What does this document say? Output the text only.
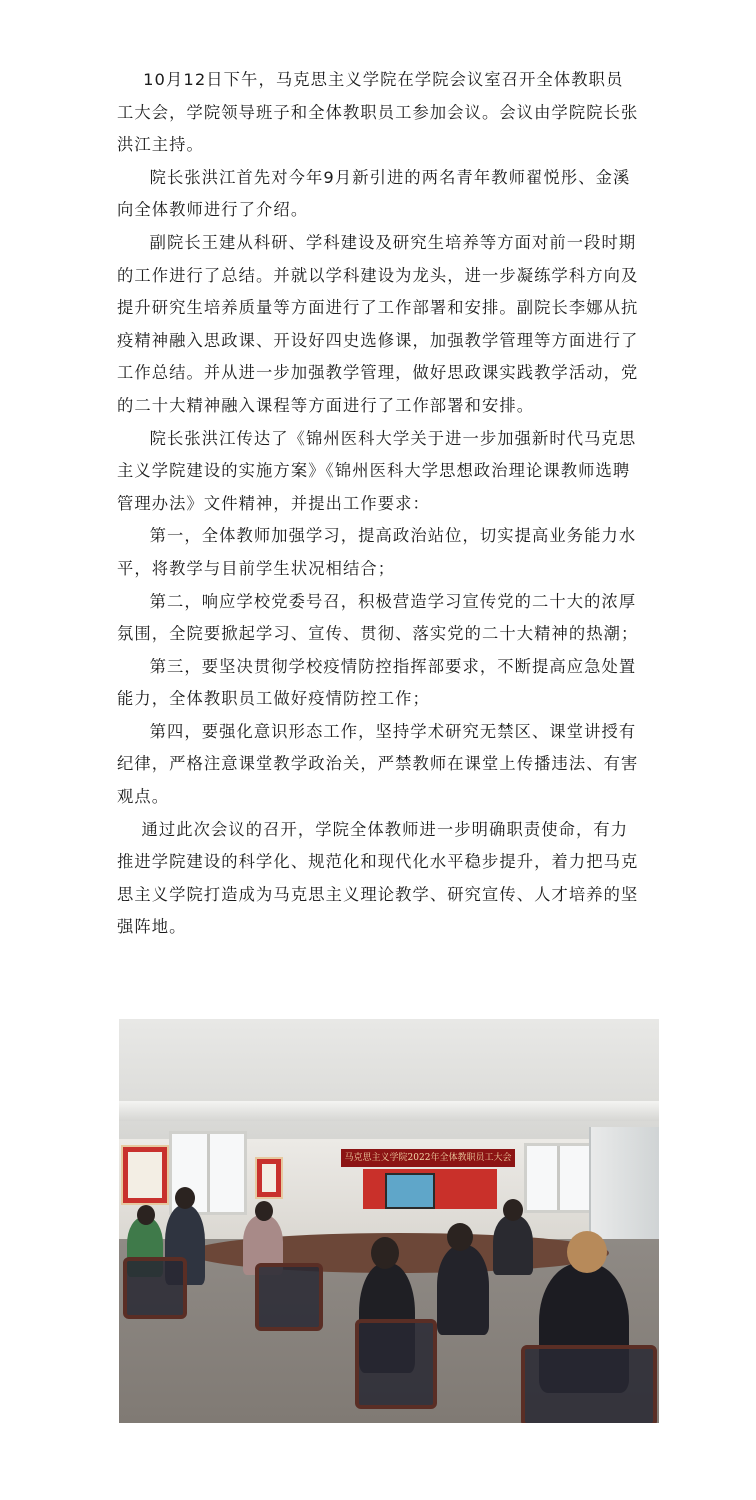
10月12日下午，马克思主义学院在学院会议室召开全体教职员
工大会，学院领导班子和全体教职员工参加会议。会议由学院院长张
洪江主持。

院长张洪江首先对今年9月新引进的两名青年教师翟悦彤、金溪
向全体教师进行了介绍。

副院长王建从科研、学科建设及研究生培养等方面对前一段时期
的工作进行了总结。并就以学科建设为龙头，进一步凝练学科方向及
提升研究生培养质量等方面进行了工作部署和安排。副院长李娜从抗
疫精神融入思政课、开设好四史选修课，加强教学管理等方面进行了
工作总结。并从进一步加强教学管理，做好思政课实践教学活动，党
的二十大精神融入课程等方面进行了工作部署和安排。

院长张洪江传达了《锦州医科大学关于进一步加强新时代马克思
主义学院建设的实施方案》《锦州医科大学思想政治理论课教师选聘
管理办法》文件精神，并提出工作要求：

第一，全体教师加强学习，提高政治站位，切实提高业务能力水
平，将教学与目前学生状况相结合；

第二，响应学校党委号召，积极营造学习宣传党的二十大的浓厚
氛围，全院要掀起学习、宣传、贯彻、落实党的二十大精神的热潮；

第三，要坚决贯彻学校疫情防控指挥部要求，不断提高应急处置
能力，全体教职员工做好疫情防控工作；

第四，要强化意识形态工作，坚持学术研究无禁区、课堂讲授有
纪律，严格注意课堂教学政治关，严禁教师在课堂上传播违法、有害
观点。

通过此次会议的召开，学院全体教师进一步明确职责使命，有力
推进学院建设的科学化、规范化和现代化水平稳步提升，着力把马克
思主义学院打造成为马克思主义理论教学、研究宣传、人才培养的坚
强阵地。

马克思主义学院2022年全体教职员工大会
